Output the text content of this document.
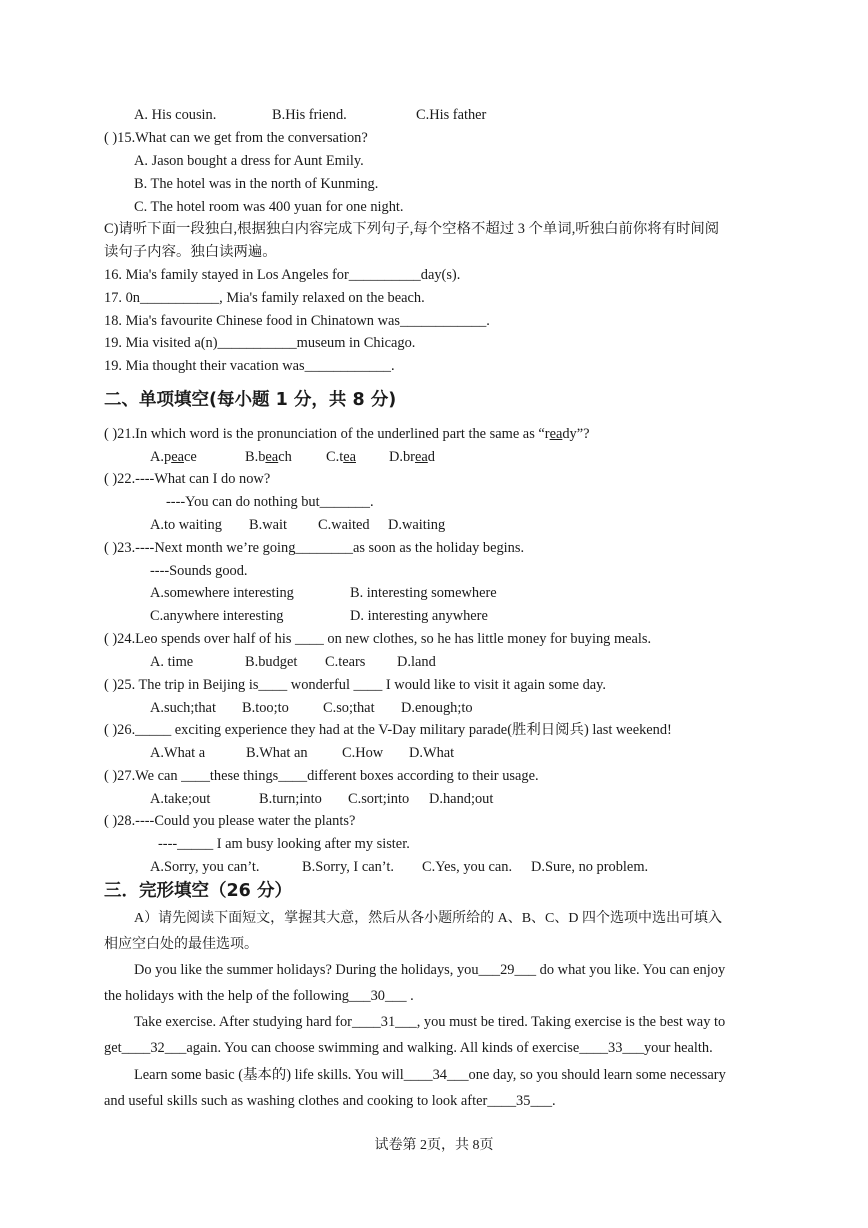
A. His cousin.	B.His friend.	C.His father
( )15.What can we get from the conversation?
A. Jason bought a dress for Aunt Emily.
B. The hotel was in the north of Kunming.
C. The hotel room was 400 yuan for one night.
C)请听下面一段独白,根据独白内容完成下列句子,每个空格不超过 3 个单词,听独白前你将有时间阅
读句子内容。独白读两遍。
16. Mia's family stayed in Los Angeles for__________day(s).
17. 0n___________, Mia's family relaxed on the beach.
18. Mia's favourite Chinese food in Chinatown was____________.
19. Mia visited a(n)___________museum in Chicago.
19. Mia thought their vacation was____________.
二、单项填空(每小题 1 分，共 8 分)
( )21.In which word is the pronunciation of the underlined part the same as “ready”?
A.peace	B.beach C.tea D.bread
( )22.----What can I do now?
----You can do nothing but_______.
A.to waiting B.wait C.waited D.waiting
( )23.----Next month we’re going________as soon as the holiday begins.
----Sounds good.
A.somewhere interesting	B. interesting somewhere
C.anywhere interesting	D. interesting anywhere
( )24.Leo spends over half of his ____ on new clothes, so he has little money for buying meals.
A. time	B.budget C.tears D.land
( )25. The trip in Beijing is____ wonderful ____ I would like to visit it again some day.
A.such;that B.too;to C.so;that D.enough;to
( )26._____ exciting experience they had at the V-Day military parade(胜利日阅兵) last weekend!
A.What a	B.What an C.How D.What
( )27.We can ____these things____different boxes according to their usage.
A.take;out	B.turn;into C.sort;into D.hand;out
( )28.----Could you please water the plants?
----_____ I am busy looking after my sister.
A.Sorry, you can’t.	B.Sorry, I can’t. C.Yes, you can. D.Sure, no problem.
三．完形填空（26 分）
A）请先阅读下面短文，掌握其大意，然后从各小题所给的 A、B、C、D 四个选项中选出可填入
相应空白处的最佳选项。
Do you like the summer holidays? During the holidays, you___29___ do what you like. You can enjoy
the holidays with the help of the following___30___ .
Take exercise. After studying hard for____31___, you must be tired. Taking exercise is the best way to
get____32___again. You can choose swimming and walking. All kinds of exercise____33___your health.
Learn some basic (基本的) life skills. You will____34___one day, so you should learn some necessary
and useful skills such as washing clothes and cooking to look after____35___.
试卷第 2页，共 8页
